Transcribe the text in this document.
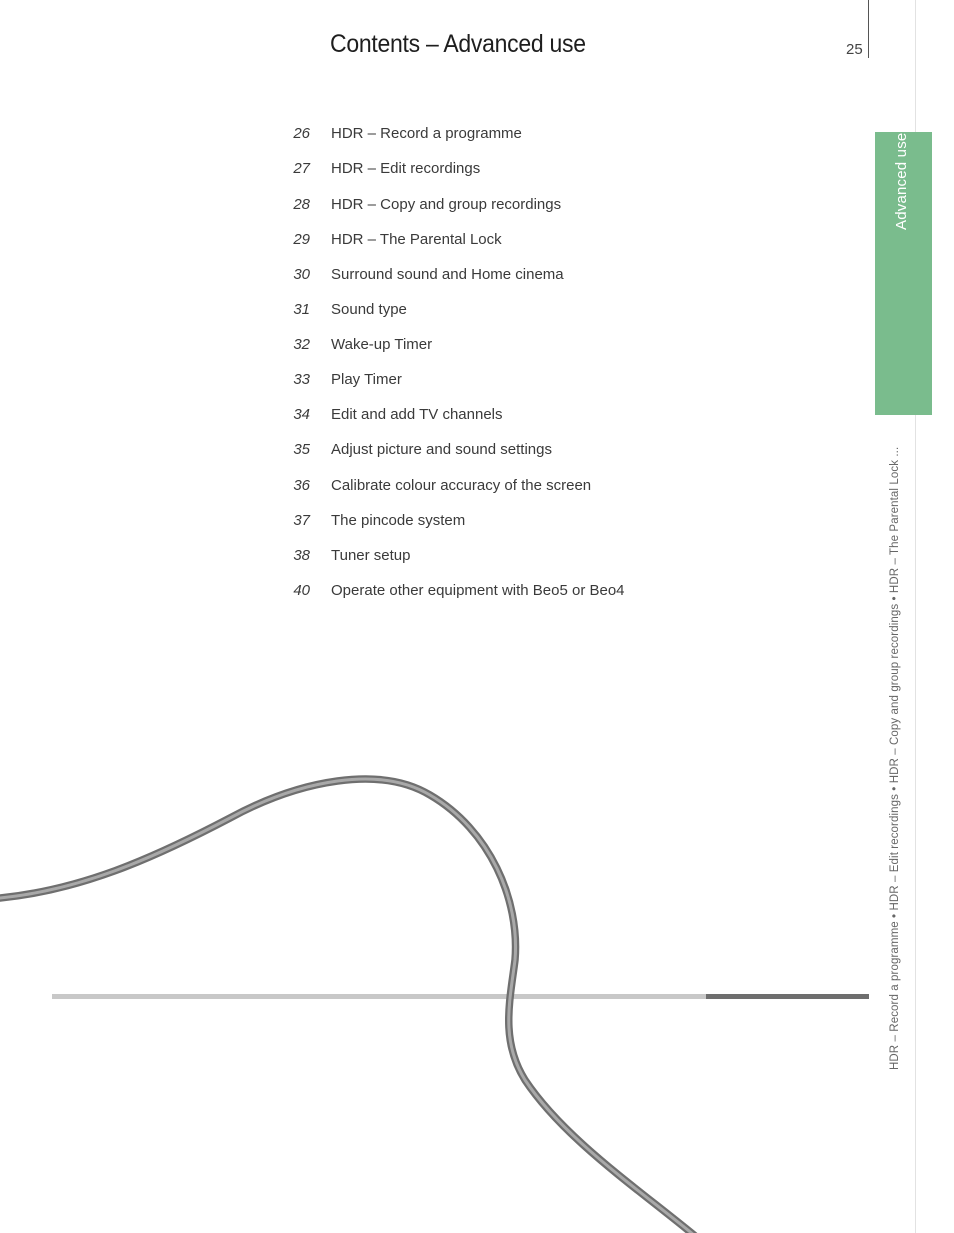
Contents – Advanced use	25
Advanced use
HDR – Record a programme • HDR – Edit recordings • HDR – Copy and group recordings • HDR – The Parental Lock ...
26 HDR – Record a programme
27 HDR – Edit recordings
28 HDR – Copy and group recordings
29 HDR – The Parental Lock
30 Surround sound and Home cinema
31 Sound type
32 Wake-up Timer
33 Play Timer
34 Edit and add TV channels
35 Adjust picture and sound settings
36 Calibrate colour accuracy of the screen
37 The pincode system
38 Tuner setup
40 Operate other equipment with Beo5 or Beo4
